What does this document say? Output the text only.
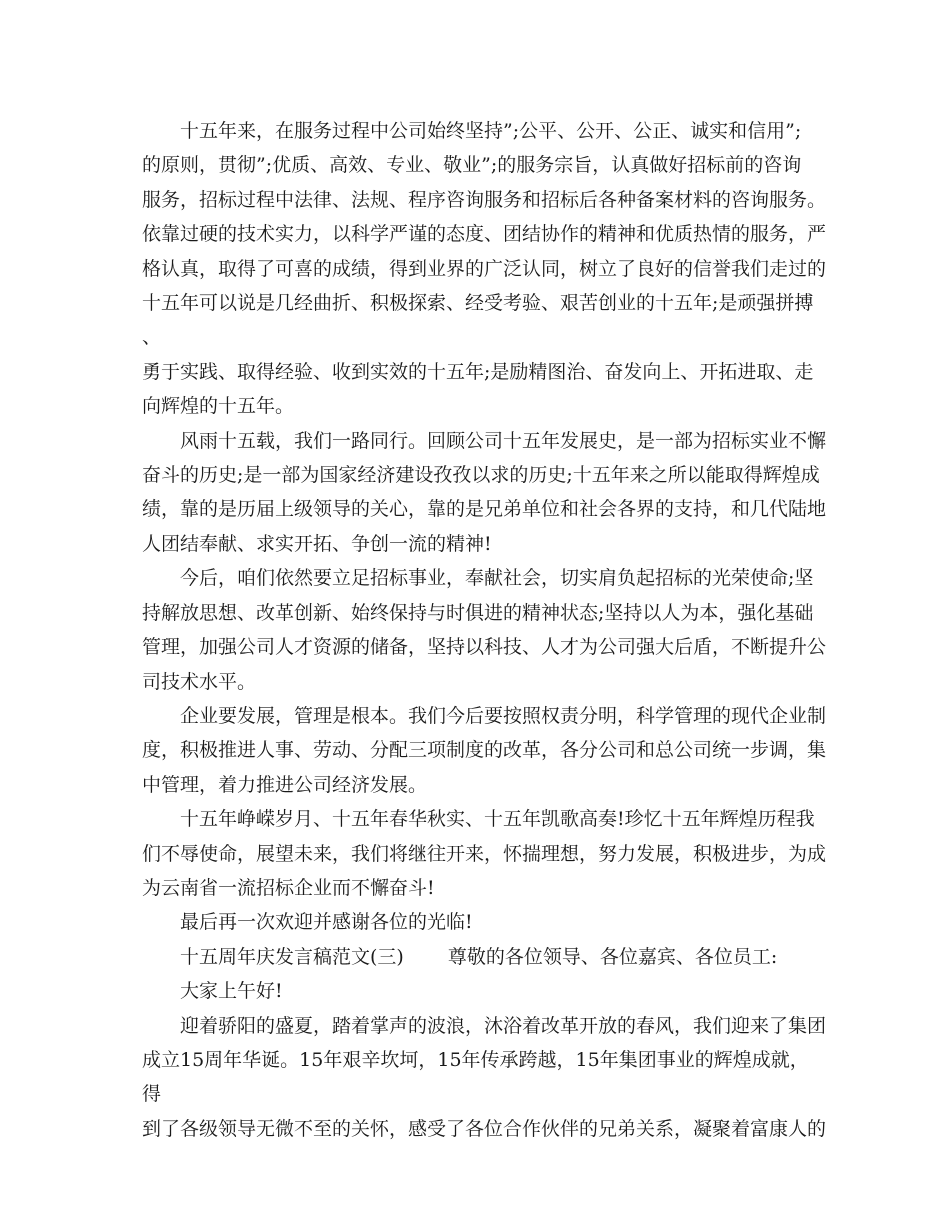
十五年来，在服务过程中公司始终坚持”;公平、公开、公正、诚实和信用”;
的原则，贯彻”;优质、高效、专业、敬业”;的服务宗旨，认真做好招标前的咨询
服务，招标过程中法律、法规、程序咨询服务和招标后各种备案材料的咨询服务。
依靠过硬的技术实力，以科学严谨的态度、团结协作的精神和优质热情的服务，严
格认真，取得了可喜的成绩，得到业界的广泛认同，树立了良好的信誉我们走过的
十五年可以说是几经曲折、积极探索、经受考验、艰苦创业的十五年;是顽强拼搏、
勇于实践、取得经验、收到实效的十五年;是励精图治、奋发向上、开拓进取、走
向辉煌的十五年。

风雨十五载，我们一路同行。回顾公司十五年发展史，是一部为招标实业不懈
奋斗的历史;是一部为国家经济建设孜孜以求的历史;十五年来之所以能取得辉煌成
绩，靠的是历届上级领导的关心，靠的是兄弟单位和社会各界的支持，和几代陆地
人团结奉献、求实开拓、争创一流的精神!

今后，咱们依然要立足招标事业，奉献社会，切实肩负起招标的光荣使命;坚
持解放思想、改革创新、始终保持与时俱进的精神状态;坚持以人为本，强化基础
管理，加强公司人才资源的储备，坚持以科技、人才为公司强大后盾，不断提升公
司技术水平。

企业要发展，管理是根本。我们今后要按照权责分明，科学管理的现代企业制
度，积极推进人事、劳动、分配三项制度的改革，各分公司和总公司统一步调，集
中管理，着力推进公司经济发展。

十五年峥嵘岁月、十五年春华秋实、十五年凯歌高奏!珍忆十五年辉煌历程我
们不辱使命，展望未来，我们将继往开来，怀揣理想，努力发展，积极进步，为成
为云南省一流招标企业而不懈奋斗!

最后再一次欢迎并感谢各位的光临!

十五周年庆发言稿范文(三) 尊敬的各位领导、各位嘉宾、各位员工:

大家上午好!

迎着骄阳的盛夏，踏着掌声的波浪，沐浴着改革开放的春风，我们迎来了集团
成立15周年华诞。15年艰辛坎坷，15年传承跨越，15年集团事业的辉煌成就，得
到了各级领导无微不至的关怀，感受了各位合作伙伴的兄弟关系，凝聚着富康人的
